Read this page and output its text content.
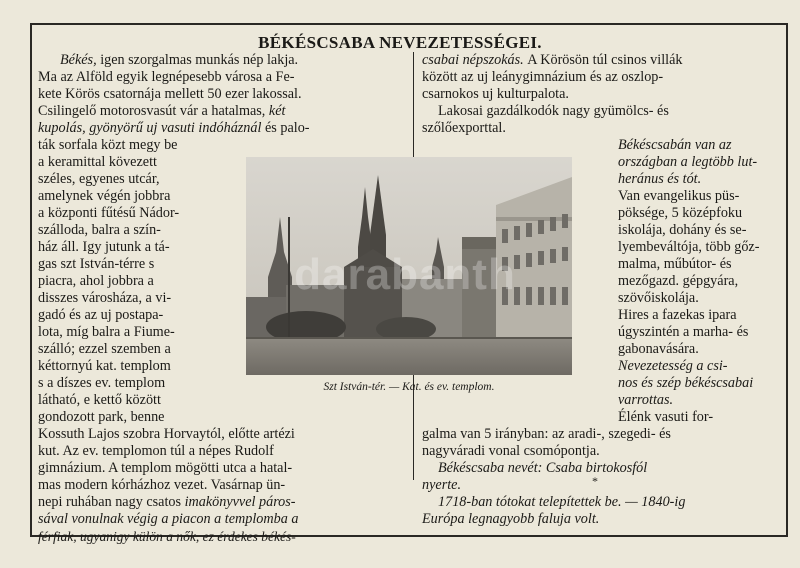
BÉKÉSCSABA NEVEZETESSÉGEI.
Békés, igen szorgalmas munkás nép lakja.
Ma az Alföld egyik legnépesebb városa a Fe-
kete Körös csatornája mellett 50 ezer lakossal.
Csilingelő motorosvasút vár a hatalmas, két
kupolás, gyönyörű uj vasuti indóháznál és palo-
ták sorfala közt megy be
a keramittal kövezett
széles, egyenes utcár,
amelynek végén jobbra
a központi fűtésű Nádor-
szálloda, balra a szín-
ház áll. Igy jutunk a tá-
gas szt István-térre s
piacra, ahol jobbra a
disszes városháza, a vi-
gadó és az uj postapa-
lota, míg balra a Fiume-
szálló; ezzel szemben a
kéttornyú kat. templom
s a díszes ev. templom
látható, e kettő között
gondozott park, benne
Kossuth Lajos szobra Horvaytól, előtte artézi
kut. Az ev. templomon túl a népes Rudolf
gimnázium. A templom mögötti utca a hatal-
mas modern kórházhoz vezet. Vasárnap ün-
nepi ruhában nagy csatos imakönyvvel páros-
sával vonulnak végig a piacon a templomba a
férfiak, ugyanigy külön a nők, ez érdekes békés-
darabanth
Szt István-tér. — Kat. és ev. templom.
csabai népszokás. A Körösön túl csinos villák
között az uj leánygimnázium és az oszlop-
csarnokos uj kulturpalota.
Lakosai gazdálkodók nagy gyümölcs- és
szőlőexporttal.
Békéscsabán van az
országban a legtöbb lut-
heránus és tót.
Van evangelikus püs-
pöksége, 5 középfoku
iskolája, dohány és se-
lyembeváltója, több gőz-
malma, műbútor- és
mezőgazd. gépgyára,
szövőiskolája.
Hires a fazekas ipara
úgyszintén a marha- és
gabonavására.
Nevezetesség a csi-
nos és szép békéscsabai
varrottas.
Élénk vasuti for-
galma van 5 irányban: az aradi-, szegedi- és
nagyváradi vonal csomópontja.
Békéscsaba nevét: Csaba birtokosfól
nyerte.	*
1718-ban tótokat telepítettek be. — 1840-ig
Európa legnagyobb faluja volt.
